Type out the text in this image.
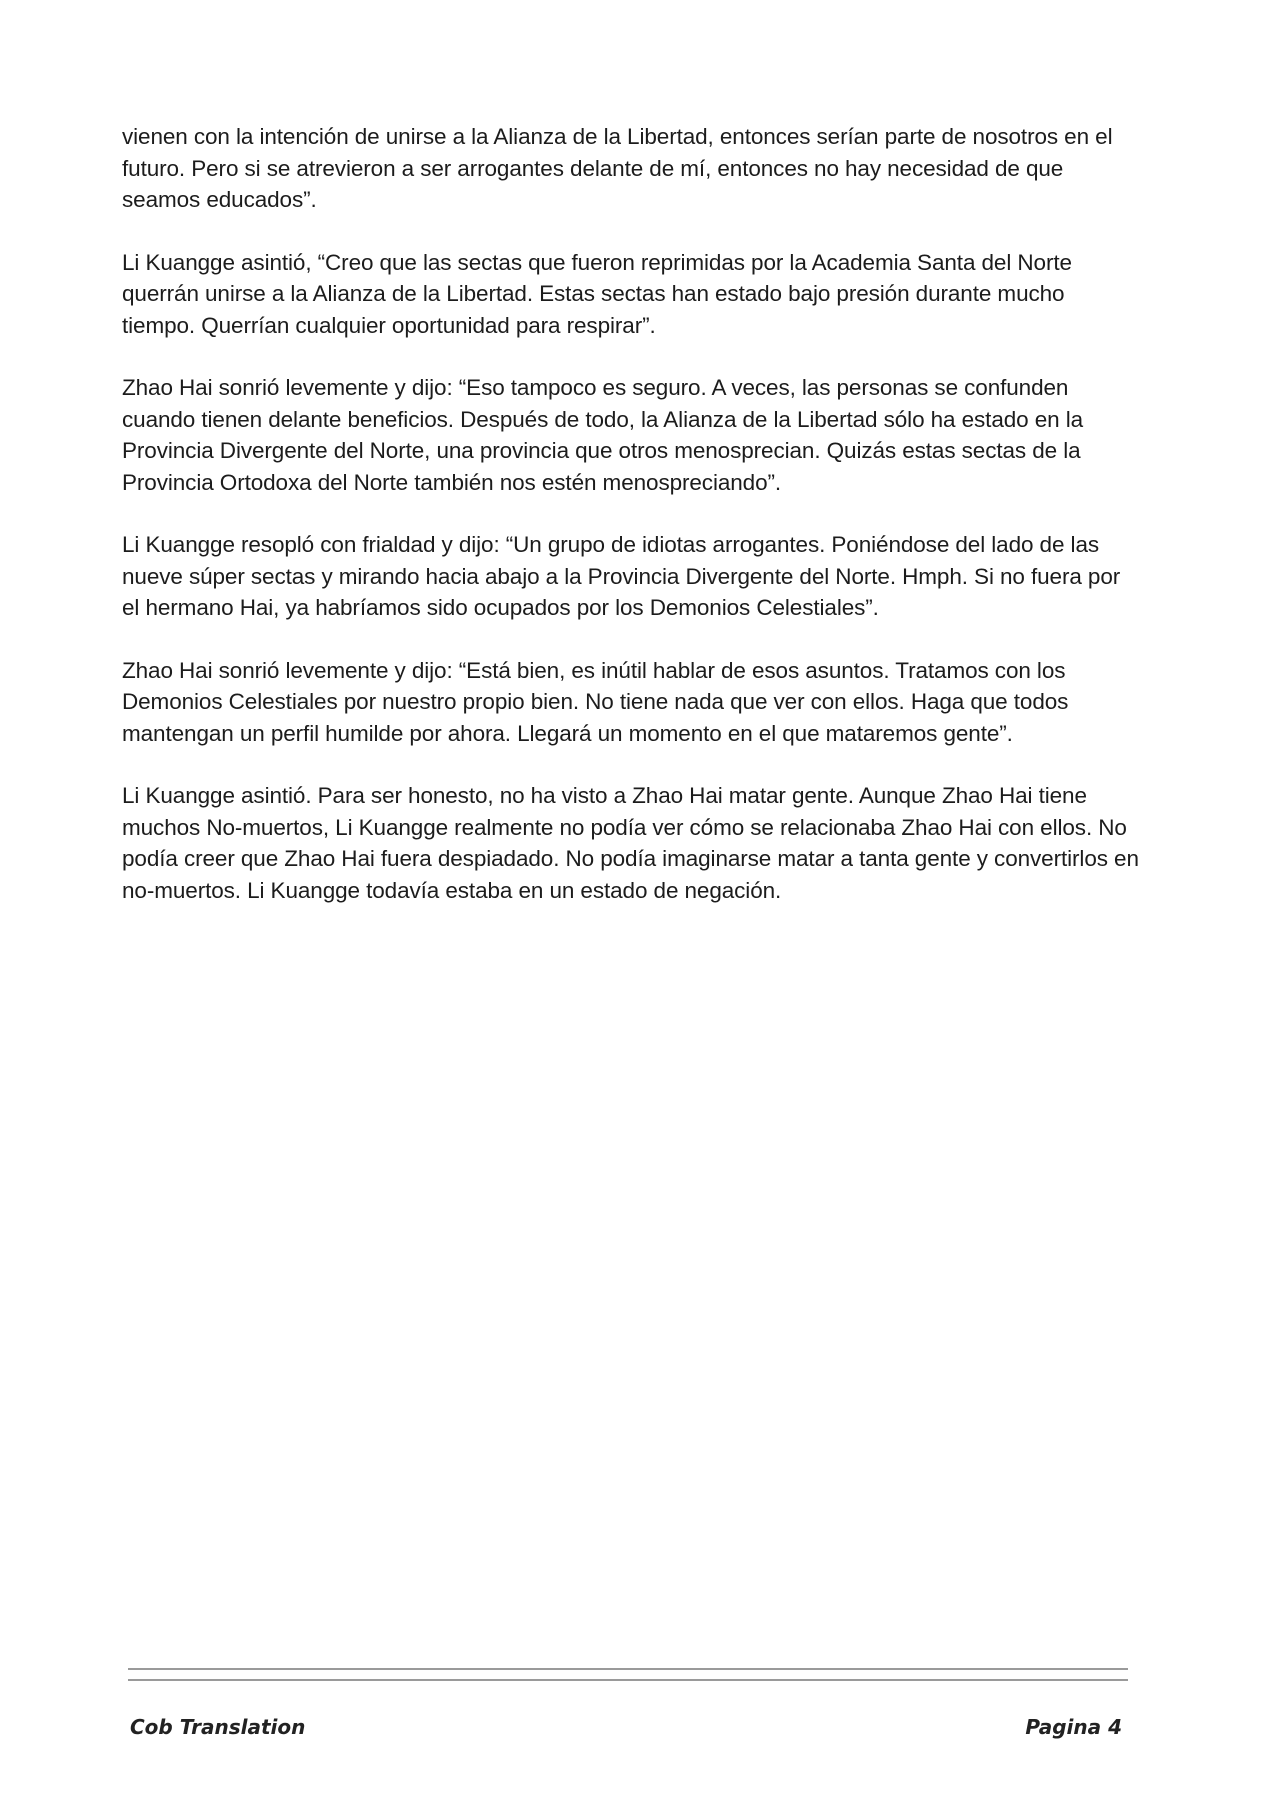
vienen con la intención de unirse a la Alianza de la Libertad, entonces serían parte de nosotros en el futuro. Pero si se atrevieron a ser arrogantes delante de mí, entonces no hay necesidad de que seamos educados”.

Li Kuangge asintió, “Creo que las sectas que fueron reprimidas por la Academia Santa del Norte querrán unirse a la Alianza de la Libertad. Estas sectas han estado bajo presión durante mucho tiempo. Querrían cualquier oportunidad para respirar”.

Zhao Hai sonrió levemente y dijo: “Eso tampoco es seguro. A veces, las personas se confunden cuando tienen delante beneficios. Después de todo, la Alianza de la Libertad sólo ha estado en la Provincia Divergente del Norte, una provincia que otros menosprecian. Quizás estas sectas de la Provincia Ortodoxa del Norte también nos estén menospreciando”.

Li Kuangge resopló con frialdad y dijo: “Un grupo de idiotas arrogantes. Poniéndose del lado de las nueve súper sectas y mirando hacia abajo a la Provincia Divergente del Norte. Hmph. Si no fuera por el hermano Hai, ya habríamos sido ocupados por los Demonios Celestiales”.

Zhao Hai sonrió levemente y dijo: “Está bien, es inútil hablar de esos asuntos. Tratamos con los Demonios Celestiales por nuestro propio bien. No tiene nada que ver con ellos. Haga que todos mantengan un perfil humilde por ahora. Llegará un momento en el que mataremos gente”.

Li Kuangge asintió. Para ser honesto, no ha visto a Zhao Hai matar gente. Aunque Zhao Hai tiene muchos No-muertos, Li Kuangge realmente no podía ver cómo se relacionaba Zhao Hai con ellos. No podía creer que Zhao Hai fuera despiadado. No podía imaginarse matar a tanta gente y convertirlos en no-muertos. Li Kuangge todavía estaba en un estado de negación.

Cob Translation	Pagina 4
